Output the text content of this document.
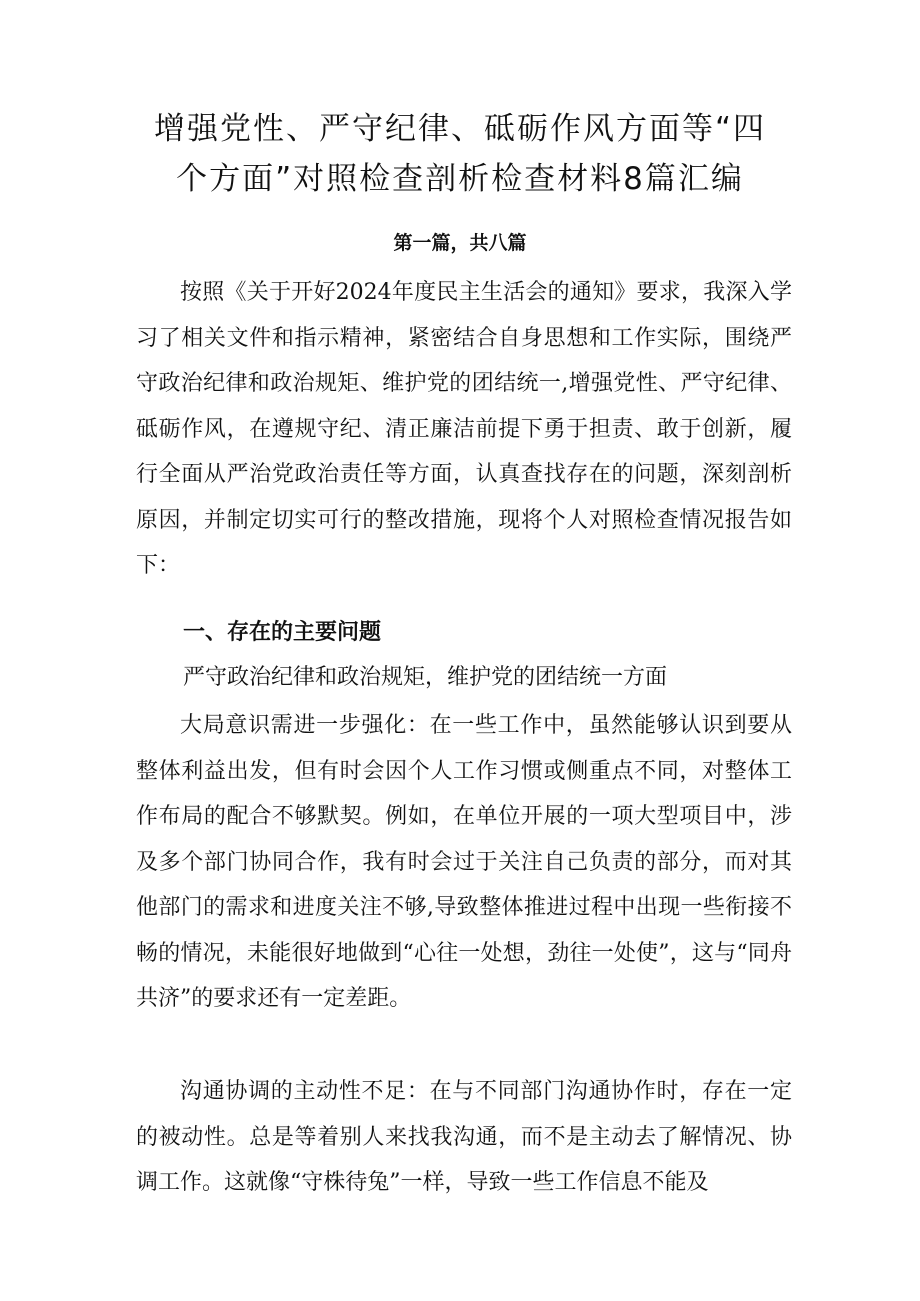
增强党性、严守纪律、砥砺作风方面等“四
个方面”对照检查剖析检查材料8篇汇编
第一篇，共八篇

按照《关于开好2024年度民主生活会的通知》要求，我深入学习了相关文件和指示精神，紧密结合自身思想和工作实际，围绕严守政治纪律和政治规矩、维护党的团结统一,增强党性、严守纪律、砥砺作风，在遵规守纪、清正廉洁前提下勇于担责、敢于创新，履行全面从严治党政治责任等方面，认真查找存在的问题，深刻剖析原因，并制定切实可行的整改措施，现将个人对照检查情况报告如下：

一、存在的主要问题

严守政治纪律和政治规矩，维护党的团结统一方面

大局意识需进一步强化：在一些工作中，虽然能够认识到要从整体利益出发，但有时会因个人工作习惯或侧重点不同，对整体工作布局的配合不够默契。例如，在单位开展的一项大型项目中，涉及多个部门协同合作，我有时会过于关注自己负责的部分，而对其他部门的需求和进度关注不够,导致整体推进过程中出现一些衔接不畅的情况，未能很好地做到“心往一处想，劲往一处使”，这与“同舟共济”的要求还有一定差距。

沟通协调的主动性不足：在与不同部门沟通协作时，存在一定的被动性。总是等着别人来找我沟通，而不是主动去了解情况、协调工作。这就像“守株待兔”一样，导致一些工作信息不能及
